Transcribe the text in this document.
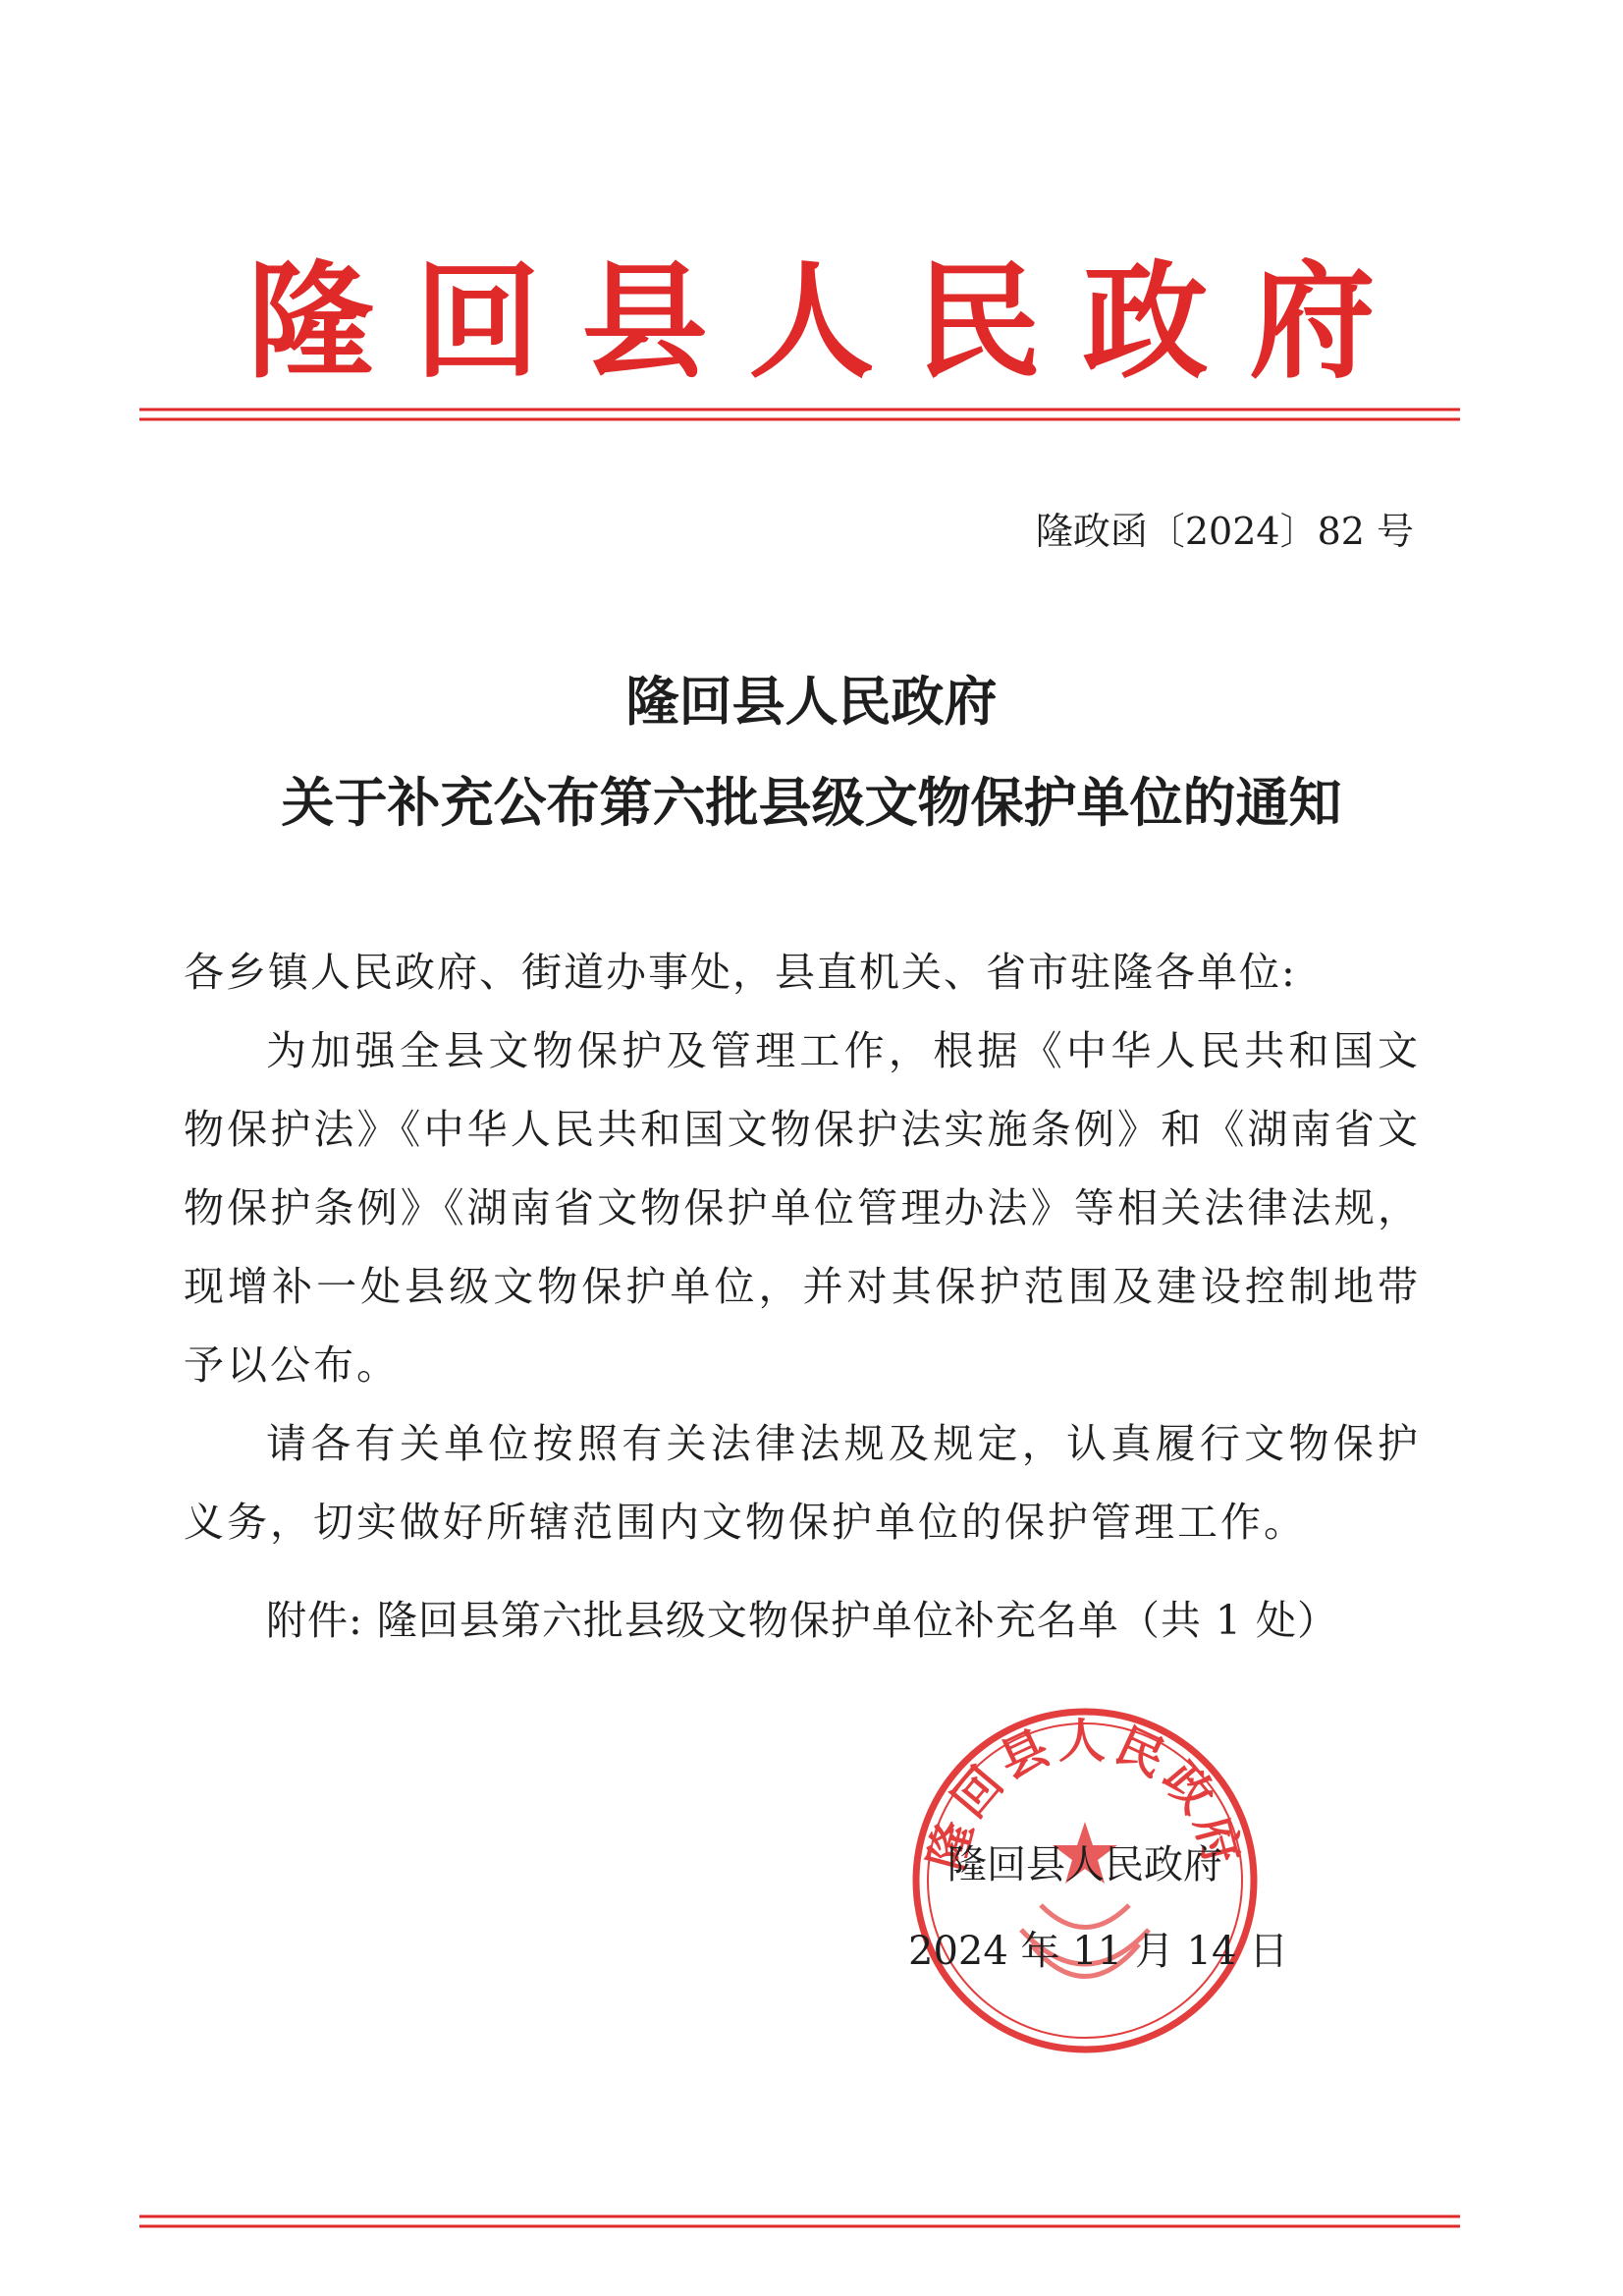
隆回县人民政府
隆政函〔2024〕82 号
隆回县人民政府
关于补充公布第六批县级文物保护单位的通知

各乡镇人民政府、街道办事处，县直机关、省市驻隆各单位:

为加强全县文物保护及管理工作，根据《中华人民共和国文物保护法》《中华人民共和国文物保护法实施条例》和《湖南省文物保护条例》《湖南省文物保护单位管理办法》等相关法律法规，现增补一处县级文物保护单位，并对其保护范围及建设控制地带予以公布。

请各有关单位按照有关法律法规及规定，认真履行文物保护义务，切实做好所辖范围内文物保护单位的保护管理工作。

附件: 隆回县第六批县级文物保护单位补充名单（共 1 处）

隆回县人民政府
隆回县人民政府
2024 年 11 月 14 日
